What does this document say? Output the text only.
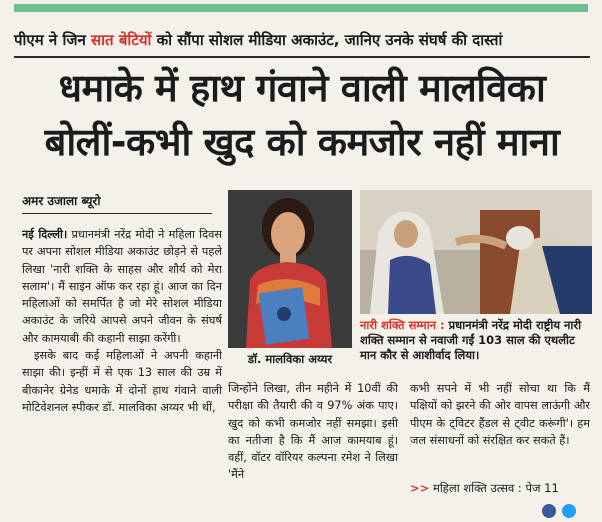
पीएम ने जिन सात बेटियों को सौंपा सोशल मीडिया अकाउंट, जानिए उनके संघर्ष की दास्तां
धमाके में हाथ गंवाने वाली मालविका
बोलीं-कभी खुद को कमजोर नहीं माना
अमर उजाला ब्यूरो

नई दिल्ली। प्रधानमंत्री नरेंद्र मोदी ने महिला दिवस पर अपना सोशल मीडिया अकाउंट छोड़ने से पहले लिखा 'नारी शक्ति के साहस और शौर्य को मेरा सलाम'। मैं साइन ऑफ कर रहा हूं। आज का दिन महिलाओं को समर्पित है जो मेरे सोशल मीडिया अकाउंट के जरिये आपसे अपने जीवन के संघर्ष और कामयाबी की कहानी साझा करेंगी।

इसके बाद कई महिलाओं ने अपनी कहानी साझा की। इन्हीं में से एक 13 साल की उम्र में बीकानेर ग्रेनेड धमाके में दोनों हाथ गंवाने वाली मोटिवेशनल स्पीकर डॉ. मालविका अय्यर भी थीं,

डॉ. मालविका अय्यर
नारी शक्ति सम्मान : प्रधानमंत्री नरेंद्र मोदी राष्ट्रीय नारी शक्ति सम्मान से नवाजी गईं 103 साल की एथलीट मान कौर से आशीर्वाद लिया।
जिन्होंने लिखा, तीन महीने में 10वीं की परीक्षा की तैयारी की व 97% अंक पाए। खुद को कभी कमजोर नहीं समझा। इसी का नतीजा है कि मैं आज कामयाब हूं। वहीं, वॉटर वॉरियर कल्पना रमेश ने लिखा 'मैंने
कभी सपने में भी नहीं सोचा था कि मैं पक्षियों को झरने की ओर वापस लाऊंगी और पीएम के ट्विटर हैंडल से ट्वीट करूंगी'। हम जल संसाधनों को संरक्षित कर सकते हैं।
>> महिला शक्ति उत्सव : पेज 11
